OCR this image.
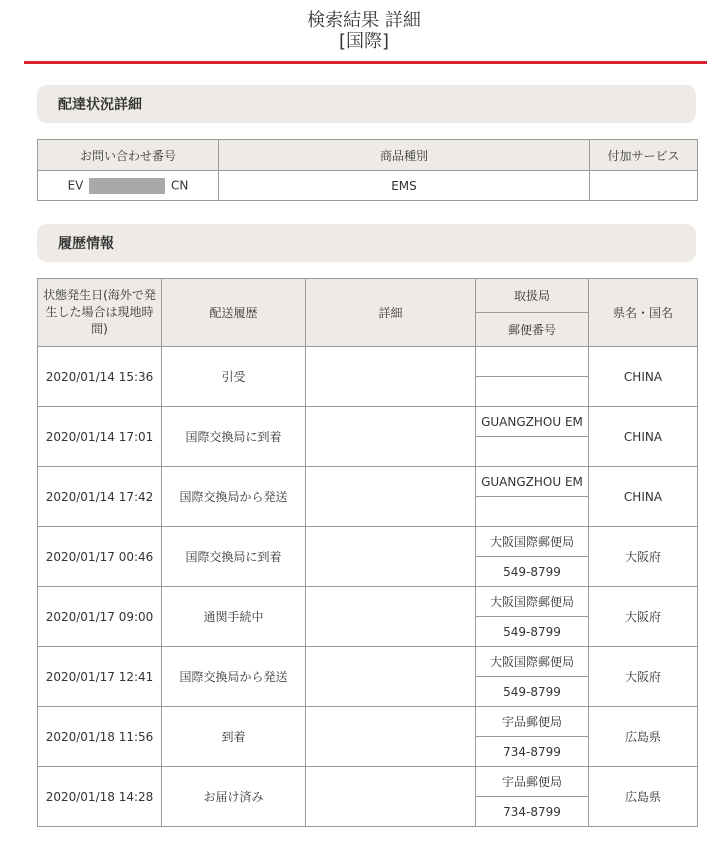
検索結果 詳細
[国際]
配達状況詳細
お問い合わせ番号	商品種別	付加サービス
EV CN	EMS	
履歴情報
状態発生日(海外で発生した場合は現地時間)	配送履歴	詳細	取扱局	県名・国名
			郵便番号	
2020/01/14 15:36	引受			CHINA

2020/01/14 17:01	国際交換局に到着		GUANGZHOU EM	CHINA

2020/01/14 17:42	国際交換局から発送		GUANGZHOU EM	CHINA

2020/01/17 00:46	国際交換局に到着		大阪国際郵便局	大阪府
			549-8799	
2020/01/17 09:00	通関手続中		大阪国際郵便局	大阪府
			549-8799	
2020/01/17 12:41	国際交換局から発送		大阪国際郵便局	大阪府
			549-8799	
2020/01/18 11:56	到着		宇品郵便局	広島県
			734-8799	
2020/01/18 14:28	お届け済み		宇品郵便局	広島県
			734-8799	
